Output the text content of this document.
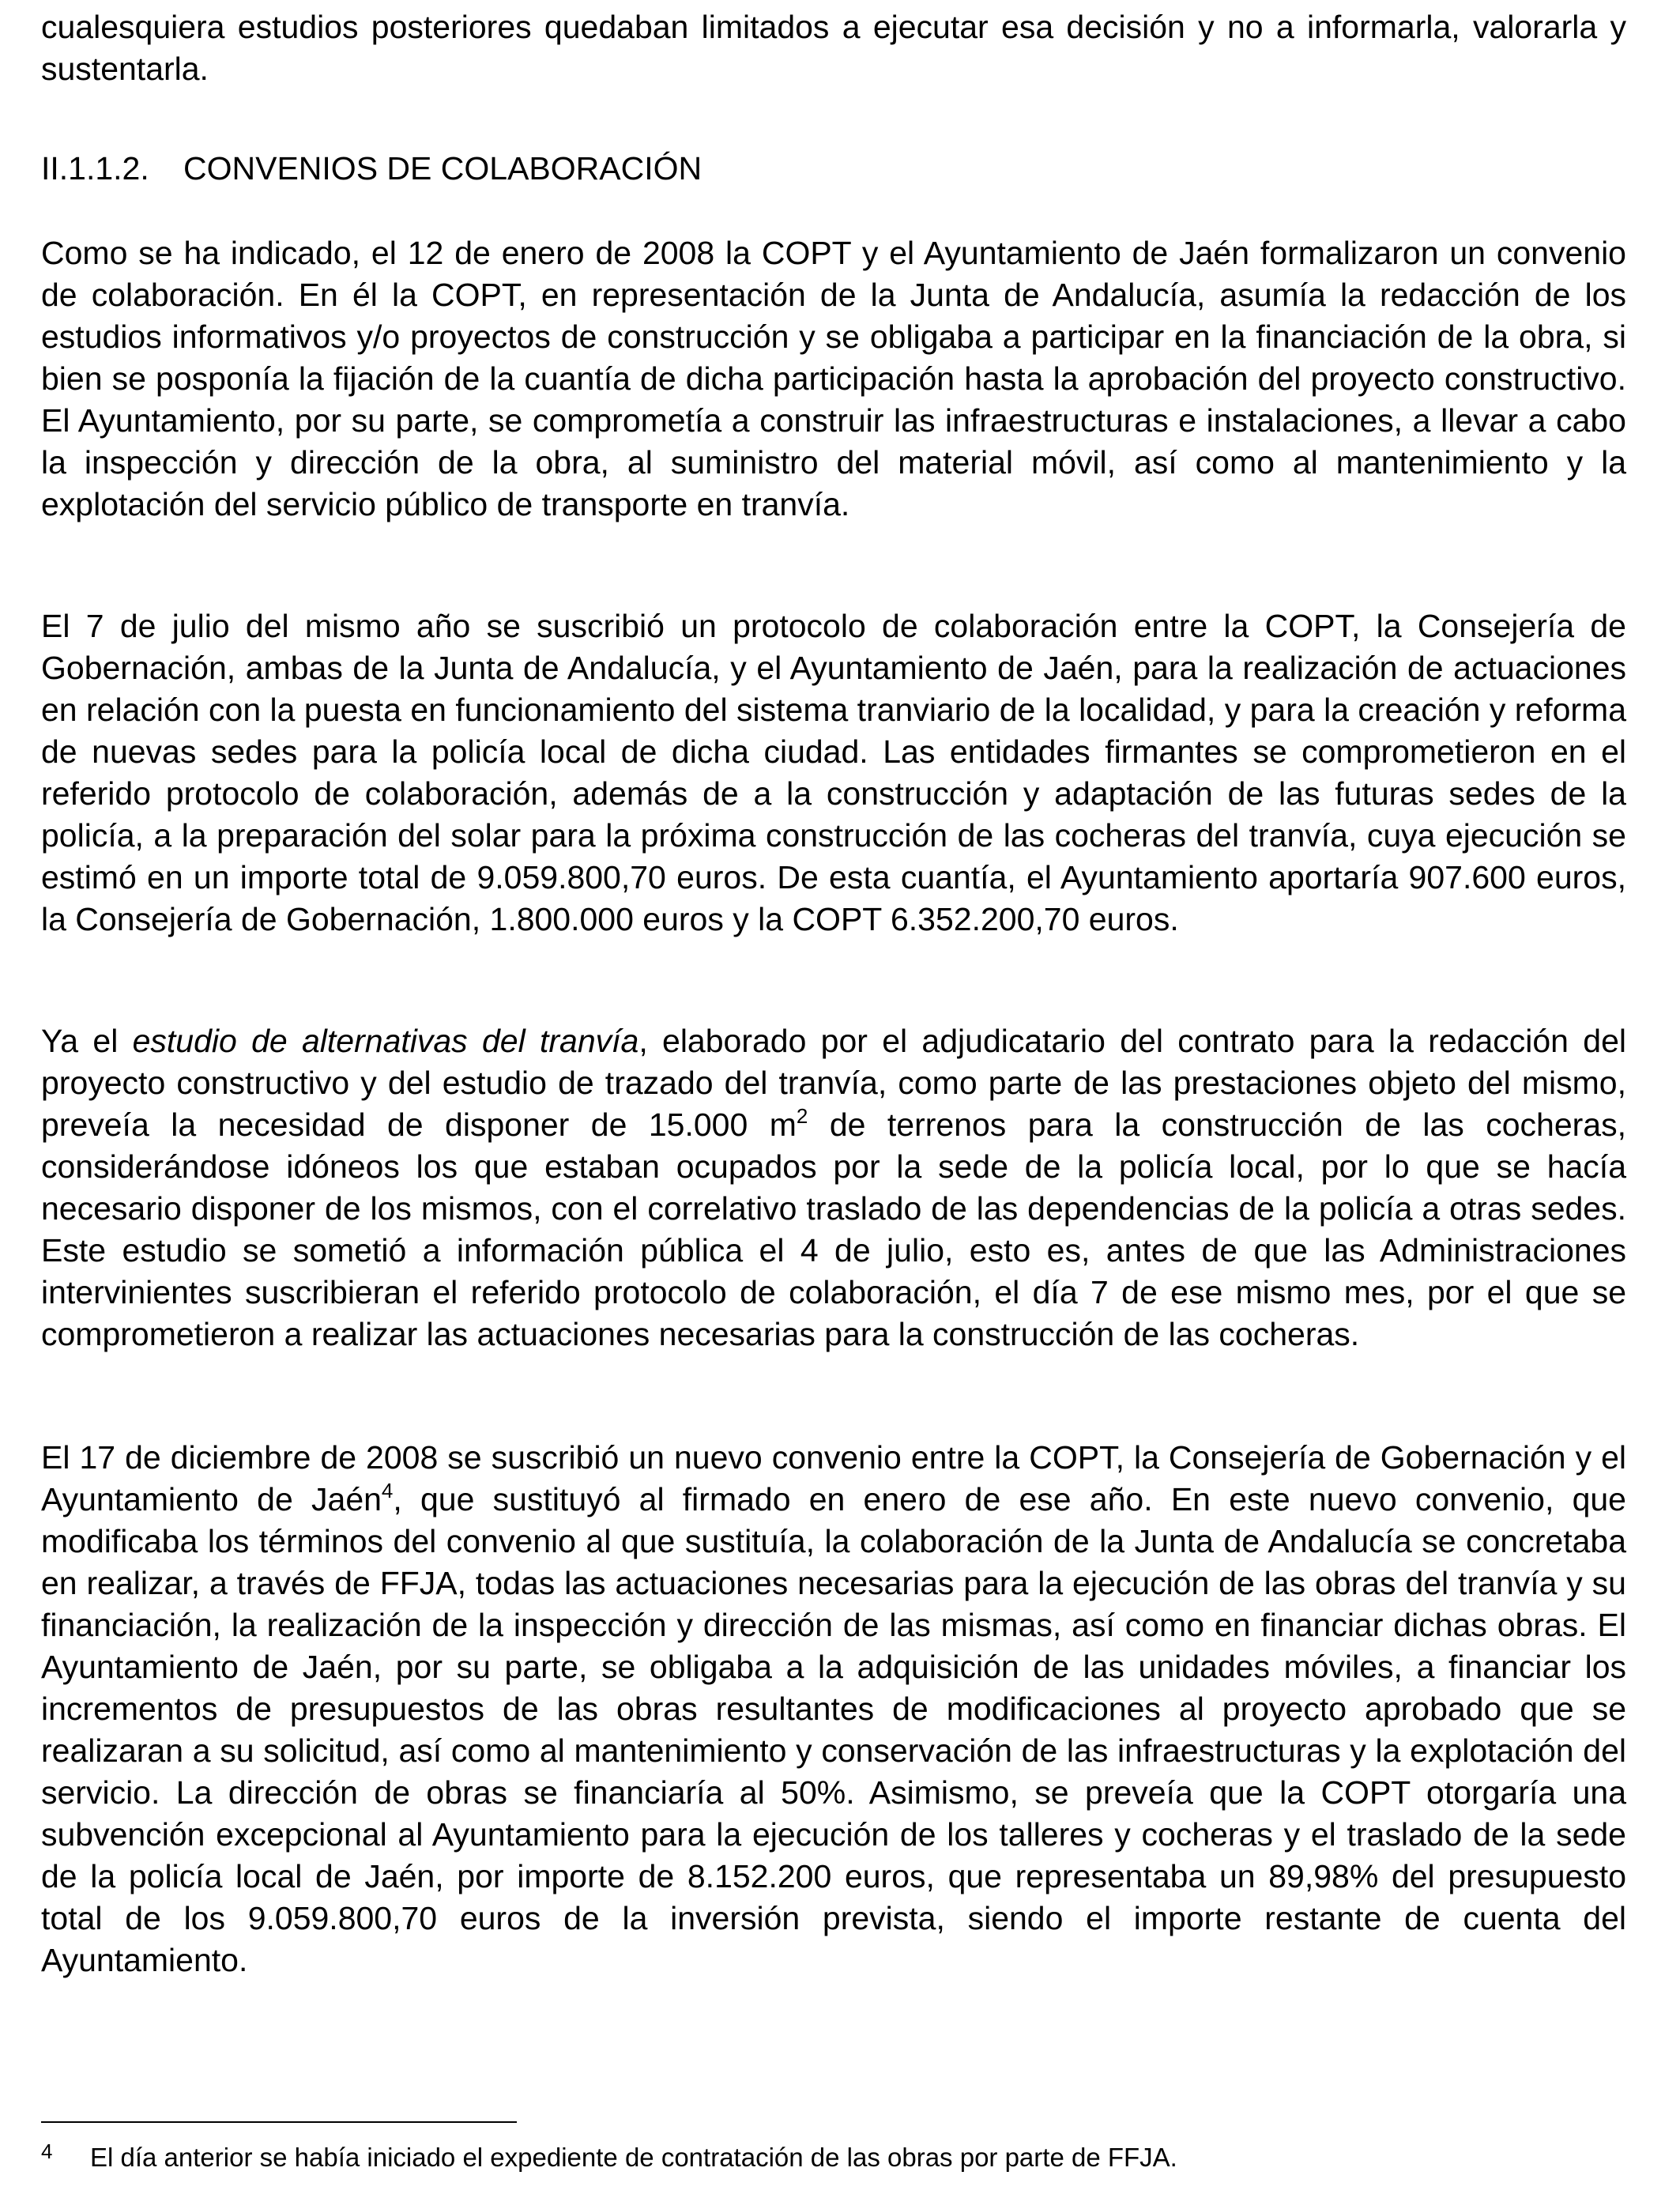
cualesquiera estudios posteriores quedaban limitados a ejecutar esa decisión y no a informarla, valorarla y sustentarla.

II.1.1.2. CONVENIOS DE COLABORACIÓN

Como se ha indicado, el 12 de enero de 2008 la COPT y el Ayuntamiento de Jaén formalizaron un convenio de colaboración. En él la COPT, en representación de la Junta de Andalucía, asumía la redacción de los estudios informativos y/o proyectos de construcción y se obligaba a participar en la financiación de la obra, si bien se posponía la fijación de la cuantía de dicha participación hasta la aprobación del proyecto constructivo. El Ayuntamiento, por su parte, se comprometía a construir las infraestructuras e instalaciones, a llevar a cabo la inspección y dirección de la obra, al suministro del material móvil, así como al mantenimiento y la explotación del servicio público de transporte en tranvía.

El 7 de julio del mismo año se suscribió un protocolo de colaboración entre la COPT, la Consejería de Gobernación, ambas de la Junta de Andalucía, y el Ayuntamiento de Jaén, para la realización de actuaciones en relación con la puesta en funcionamiento del sistema tranviario de la localidad, y para la creación y reforma de nuevas sedes para la policía local de dicha ciudad. Las entidades firmantes se comprometieron en el referido protocolo de colaboración, además de a la construcción y adaptación de las futuras sedes de la policía, a la preparación del solar para la próxima construcción de las cocheras del tranvía, cuya ejecución se estimó en un importe total de 9.059.800,70 euros. De esta cuantía, el Ayuntamiento aportaría 907.600 euros, la Consejería de Gobernación, 1.800.000 euros y la COPT 6.352.200,70 euros.

Ya el estudio de alternativas del tranvía, elaborado por el adjudicatario del contrato para la redacción del proyecto constructivo y del estudio de trazado del tranvía, como parte de las prestaciones objeto del mismo, preveía la necesidad de disponer de 15.000 $m^2$ de terrenos para la construcción de las cocheras, considerándose idóneos los que estaban ocupados por la sede de la policía local, por lo que se hacía necesario disponer de los mismos, con el correlativo traslado de las dependencias de la policía a otras sedes. Este estudio se sometió a información pública el 4 de julio, esto es, antes de que las Administraciones intervinientes suscribieran el referido protocolo de colaboración, el día 7 de ese mismo mes, por el que se comprometieron a realizar las actuaciones necesarias para la construcción de las cocheras.

El 17 de diciembre de 2008 se suscribió un nuevo convenio entre la COPT, la Consejería de Gobernación y el Ayuntamiento de Jaén$^4$, que sustituyó al firmado en enero de ese año. En este nuevo convenio, que modificaba los términos del convenio al que sustituía, la colaboración de la Junta de Andalucía se concretaba en realizar, a través de FFJA, todas las actuaciones necesarias para la ejecución de las obras del tranvía y su financiación, la realización de la inspección y dirección de las mismas, así como en financiar dichas obras. El Ayuntamiento de Jaén, por su parte, se obligaba a la adquisición de las unidades móviles, a financiar los incrementos de presupuestos de las obras resultantes de modificaciones al proyecto aprobado que se realizaran a su solicitud, así como al mantenimiento y conservación de las infraestructuras y la explotación del servicio. La dirección de obras se financiaría al 50%. Asimismo, se preveía que la COPT otorgaría una subvención excepcional al Ayuntamiento para la ejecución de los talleres y cocheras y el traslado de la sede de la policía local de Jaén, por importe de 8.152.200 euros, que representaba un 89,98% del presupuesto total de los 9.059.800,70 euros de la inversión prevista, siendo el importe restante de cuenta del Ayuntamiento.

4 El día anterior se había iniciado el expediente de contratación de las obras por parte de FFJA.
